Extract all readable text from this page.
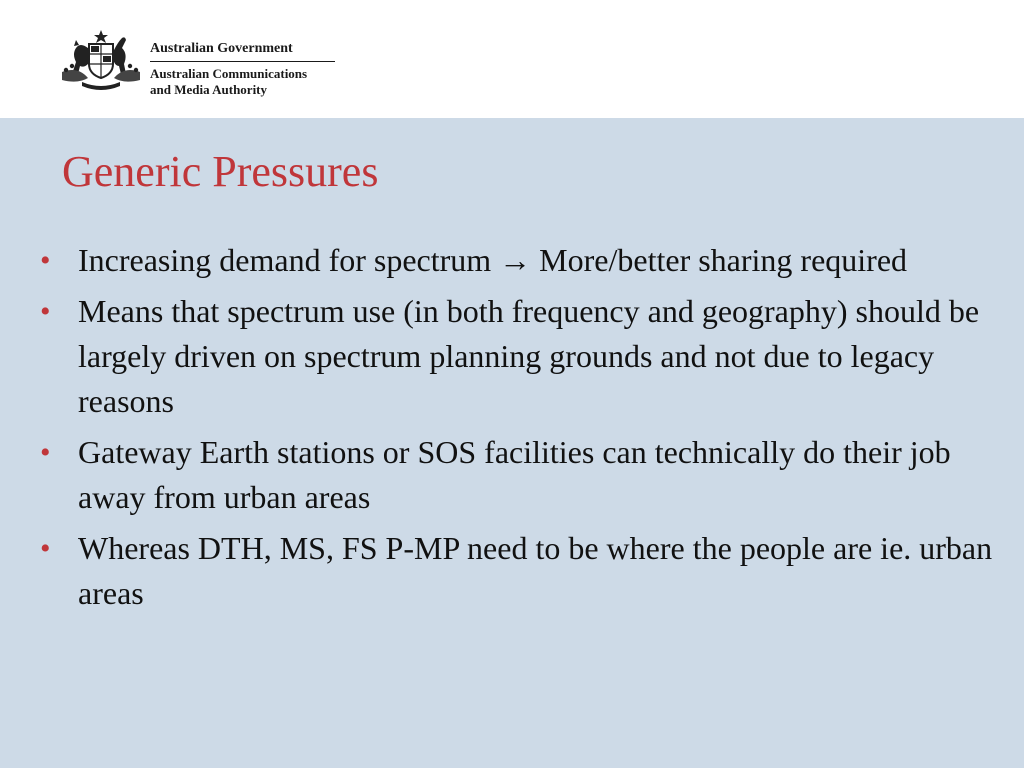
Australian Government
Australian Communications
and Media Authority
Generic Pressures
• Increasing demand for spectrum → More/better sharing required
• Means that spectrum use (in both frequency and geography) should be largely driven on spectrum planning grounds and not due to legacy reasons
• Gateway Earth stations or SOS facilities can technically do their job away from urban areas
• Whereas DTH, MS, FS P-MP need to be where the people are ie. urban areas
